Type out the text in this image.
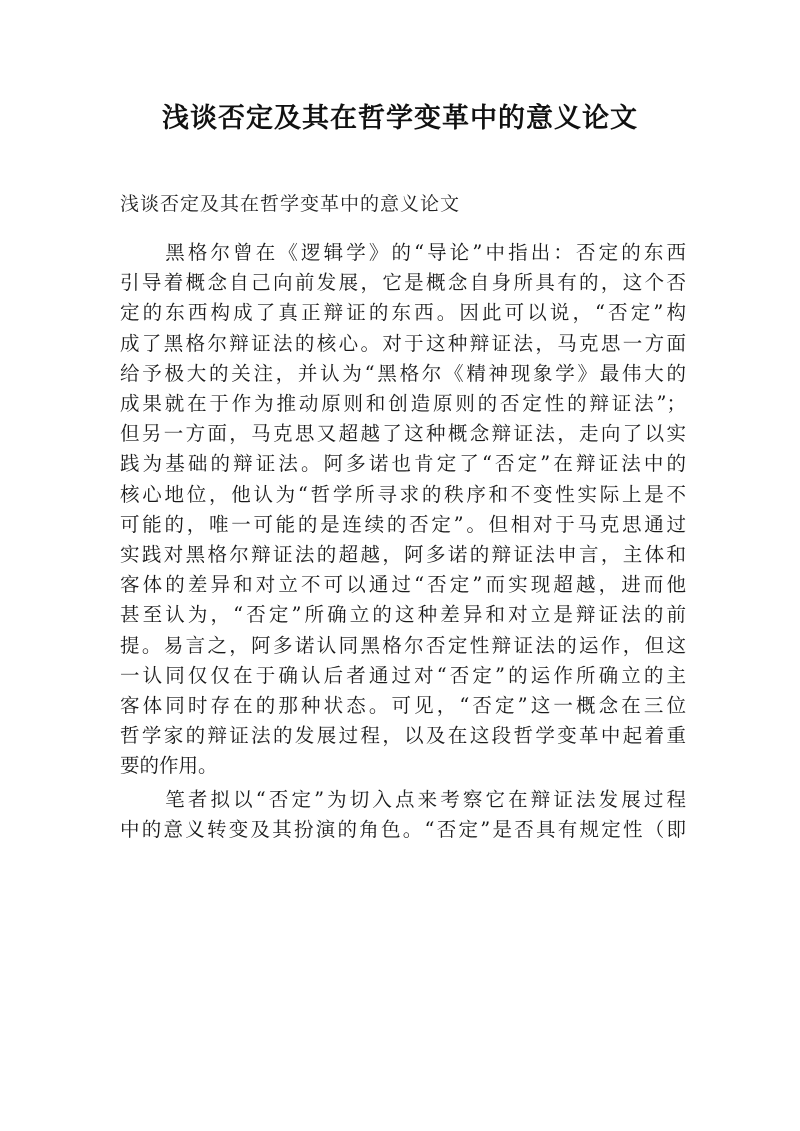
浅谈否定及其在哲学变革中的意义论文

浅谈否定及其在哲学变革中的意义论文

　　黑格尔曾在《逻辑学》的“导论”中指出：否定的东西
引导着概念自己向前发展，它是概念自身所具有的，这个否
定的东西构成了真正辩证的东西。因此可以说，“否定”构
成了黑格尔辩证法的核心。对于这种辩证法，马克思一方面
给予极大的关注，并认为“黑格尔《精神现象学》最伟大的
成果就在于作为推动原则和创造原则的否定性的辩证法”；
但另一方面，马克思又超越了这种概念辩证法，走向了以实
践为基础的辩证法。阿多诺也肯定了“否定”在辩证法中的
核心地位，他认为“哲学所寻求的秩序和不变性实际上是不
可能的，唯一可能的是连续的否定”。但相对于马克思通过
实践对黑格尔辩证法的超越，阿多诺的辩证法申言，主体和
客体的差异和对立不可以通过“否定”而实现超越，进而他
甚至认为，“否定”所确立的这种差异和对立是辩证法的前
提。易言之，阿多诺认同黑格尔否定性辩证法的运作，但这
一认同仅仅在于确认后者通过对“否定”的运作所确立的主
客体同时存在的那种状态。可见，“否定”这一概念在三位
哲学家的辩证法的发展过程，以及在这段哲学变革中起着重
要的作用。

　　笔者拟以“否定”为切入点来考察它在辩证法发展过程
中的意义转变及其扮演的角色。“否定”是否具有规定性（即
